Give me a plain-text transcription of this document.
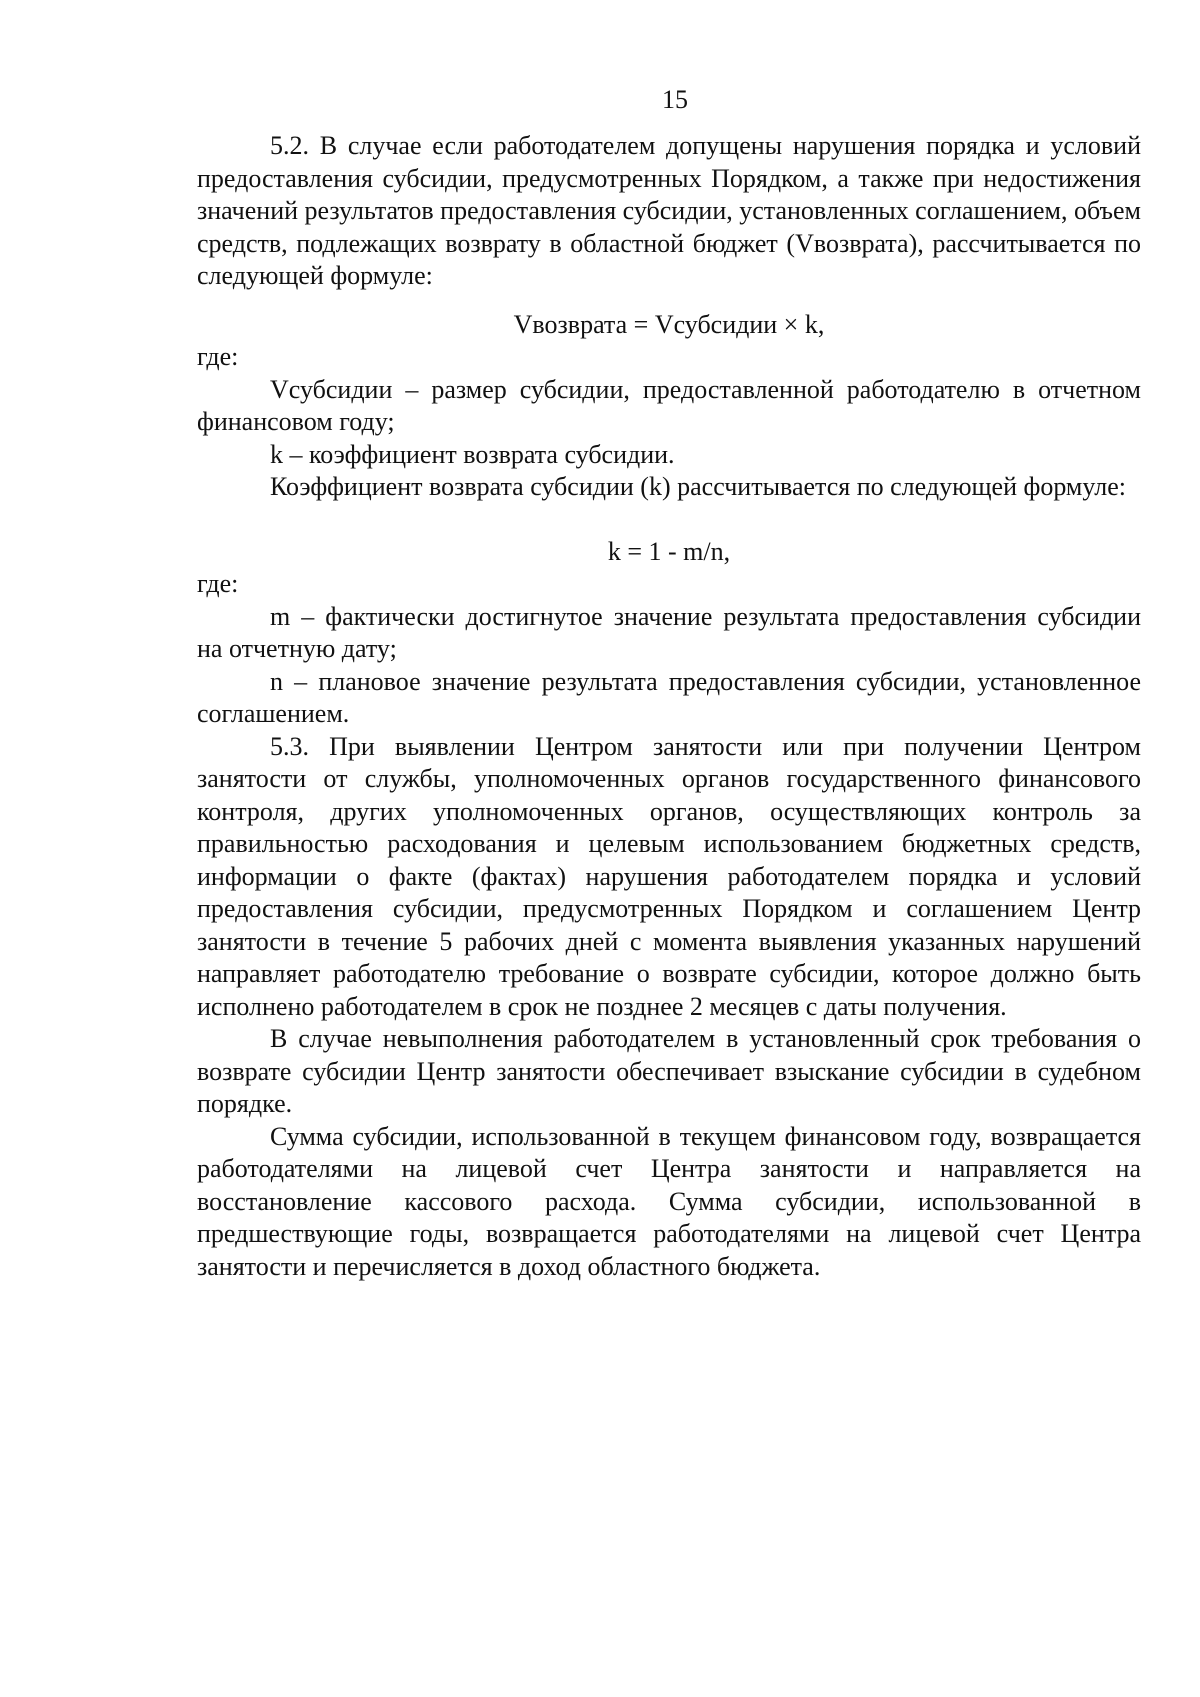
15

5.2. В случае если работодателем допущены нарушения порядка и условий предоставления субсидии, предусмотренных Порядком, а также при недостижения значений результатов предоставления субсидии, установленных соглашением, объем средств, подлежащих возврату в областной бюджет (Vвозврата), рассчитывается по следующей формуле:

Vвозврата = Vсубсидии × k,

где:

Vсубсидии – размер субсидии, предоставленной работодателю в отчетном финансовом году;

k – коэффициент возврата субсидии.

Коэффициент возврата субсидии (k) рассчитывается по следующей формуле:

k = 1 - m/n,

где:

m – фактически достигнутое значение результата предоставления субсидии на отчетную дату;

n – плановое значение результата предоставления субсидии, установленное соглашением.

5.3. При выявлении Центром занятости или при получении Центром занятости от службы, уполномоченных органов государственного финансового контроля, других уполномоченных органов, осуществляющих контроль за правильностью расходования и целевым использованием бюджетных средств, информации о факте (фактах) нарушения работодателем порядка и условий предоставления субсидии, предусмотренных Порядком и соглашением Центр занятости в течение 5 рабочих дней с момента выявления указанных нарушений направляет работодателю требование о возврате субсидии, которое должно быть исполнено работодателем в срок не позднее 2 месяцев с даты получения.

В случае невыполнения работодателем в установленный срок требования о возврате субсидии Центр занятости обеспечивает взыскание субсидии в судебном порядке.

Сумма субсидии, использованной в текущем финансовом году, возвращается работодателями на лицевой счет Центра занятости и направляется на восстановление кассового расхода. Сумма субсидии, использованной в предшествующие годы, возвращается работодателями на лицевой счет Центра занятости и перечисляется в доход областного бюджета.
